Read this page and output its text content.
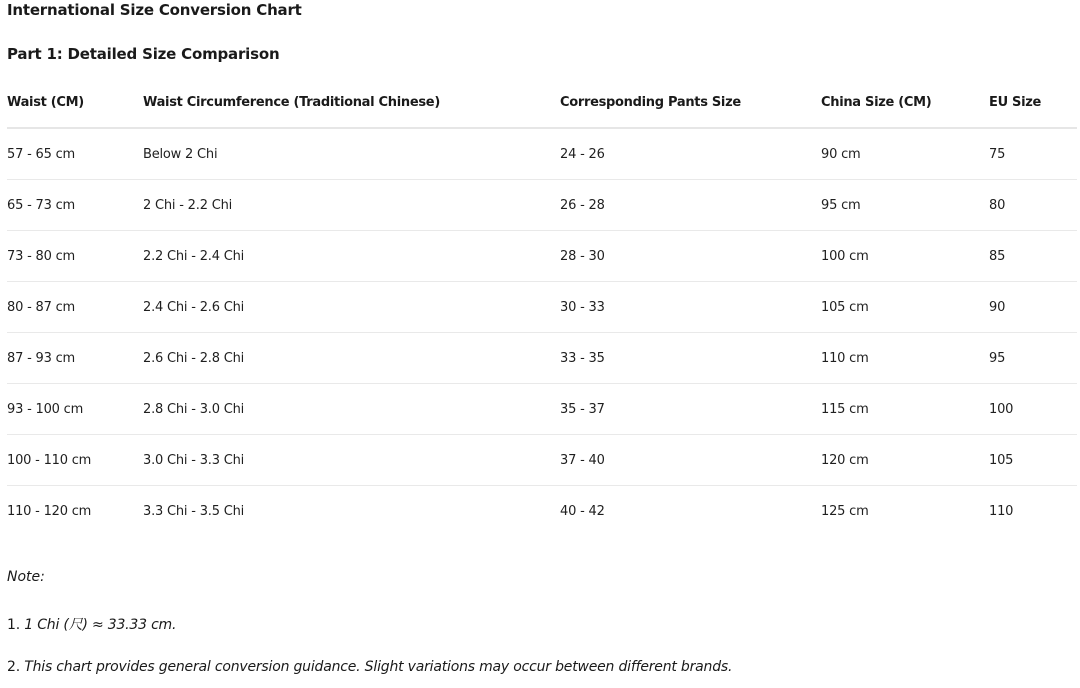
International Size Conversion Chart
Part 1: Detailed Size Comparison
Waist (CM)	Waist Circumference (Traditional Chinese)	Corresponding Pants Size	China Size (CM)	EU Size
57 - 65 cm	Below 2 Chi	24 - 26	90 cm	75
65 - 73 cm	2 Chi - 2.2 Chi	26 - 28	95 cm	80
73 - 80 cm	2.2 Chi - 2.4 Chi	28 - 30	100 cm	85
80 - 87 cm	2.4 Chi - 2.6 Chi	30 - 33	105 cm	90
87 - 93 cm	2.6 Chi - 2.8 Chi	33 - 35	110 cm	95
93 - 100 cm	2.8 Chi - 3.0 Chi	35 - 37	115 cm	100
100 - 110 cm	3.0 Chi - 3.3 Chi	37 - 40	120 cm	105
110 - 120 cm	3.3 Chi - 3.5 Chi	40 - 42	125 cm	110
Note:
1. 1 Chi (尺) ≈ 33.33 cm.
2. This chart provides general conversion guidance. Slight variations may occur between different brands.
